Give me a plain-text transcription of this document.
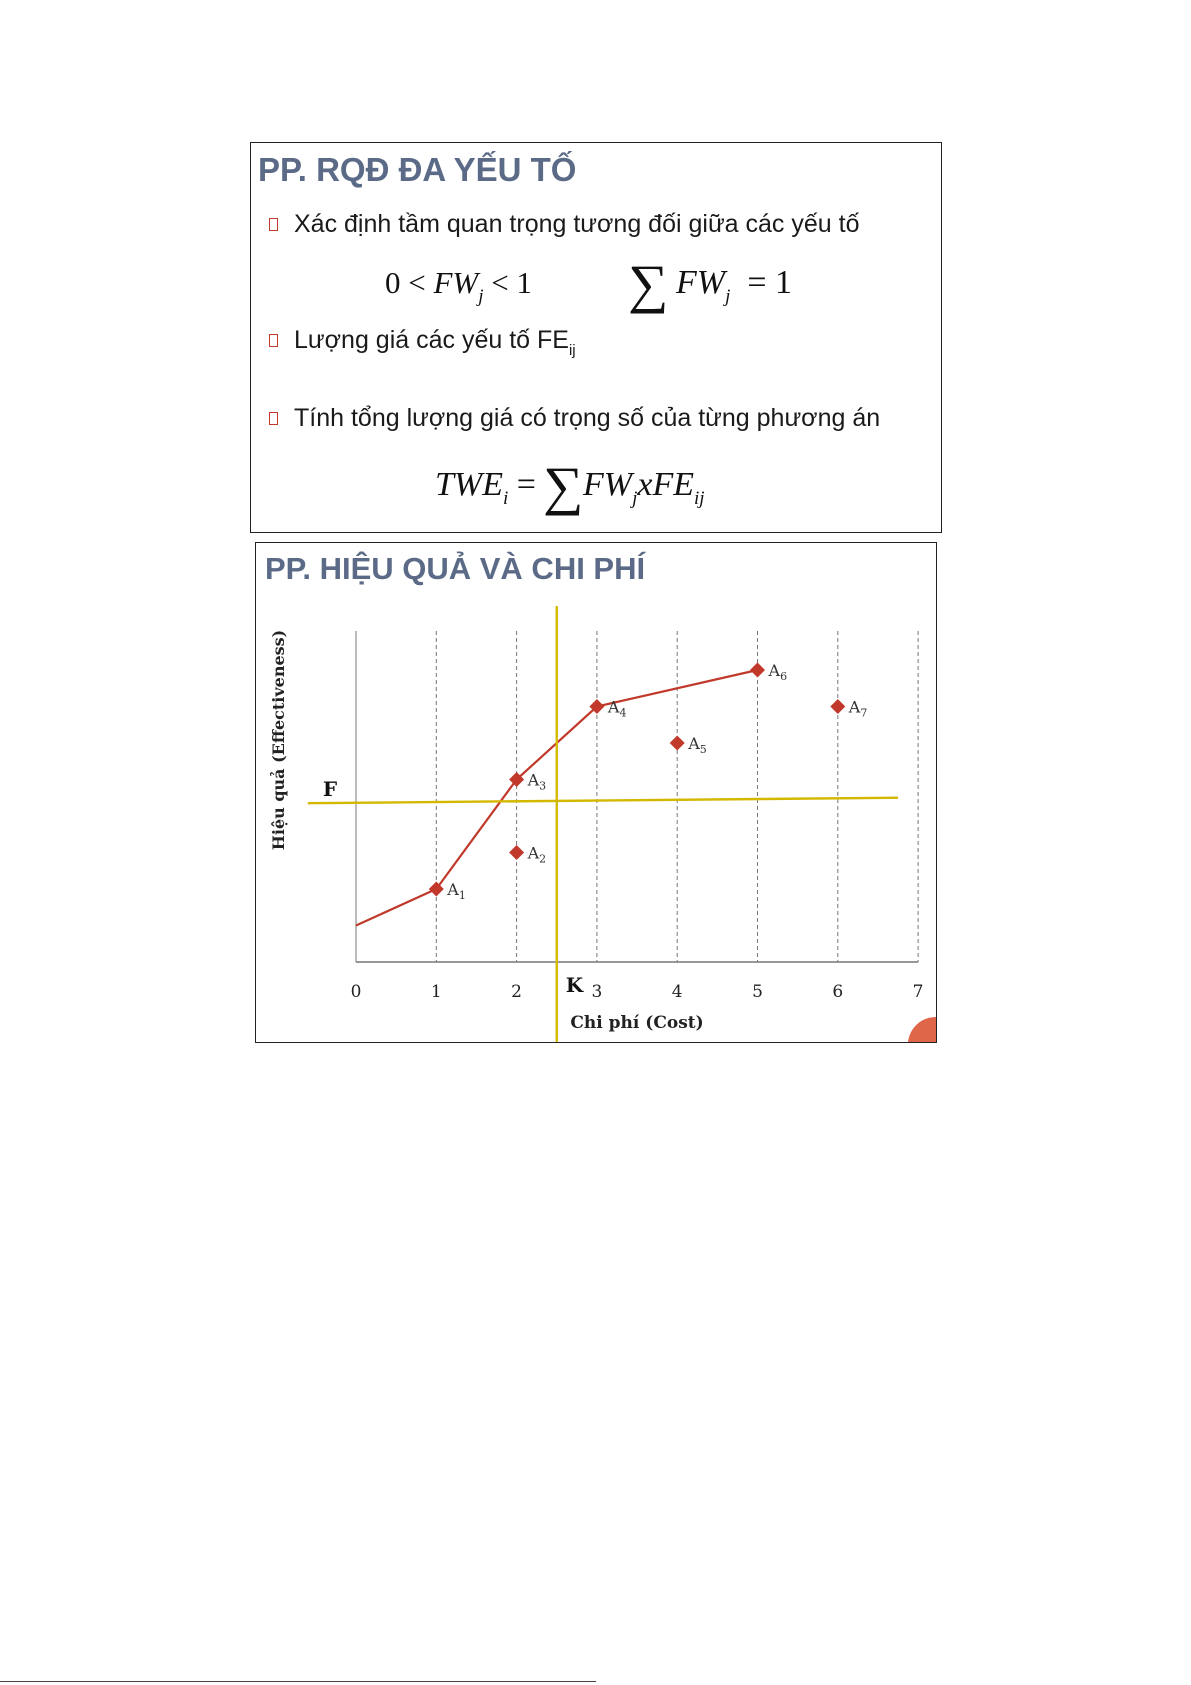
PP. RQĐ ĐA YẾU TỐ
Xác định tầm quan trọng tương đối giữa các yếu tố
$0 < FW_j < 1$ ∑ $FW_j = 1$
Lượng giá các yếu tố $FE_{ij}$
Tính tổng lượng giá có trọng số của từng phương án
$TWE_i = \sum FW_jxFE_{ij}$
PP. HIỆU QUẢ VÀ CHI PHÍ
0	1	2	3	4	5	6	7
Chi phí (Cost)
Hiệu quả (Effectiveness) F
K
$A_1$
$A_2$
$A_3$
$A_4$
$A_5$
$A_6$
$A_7$
